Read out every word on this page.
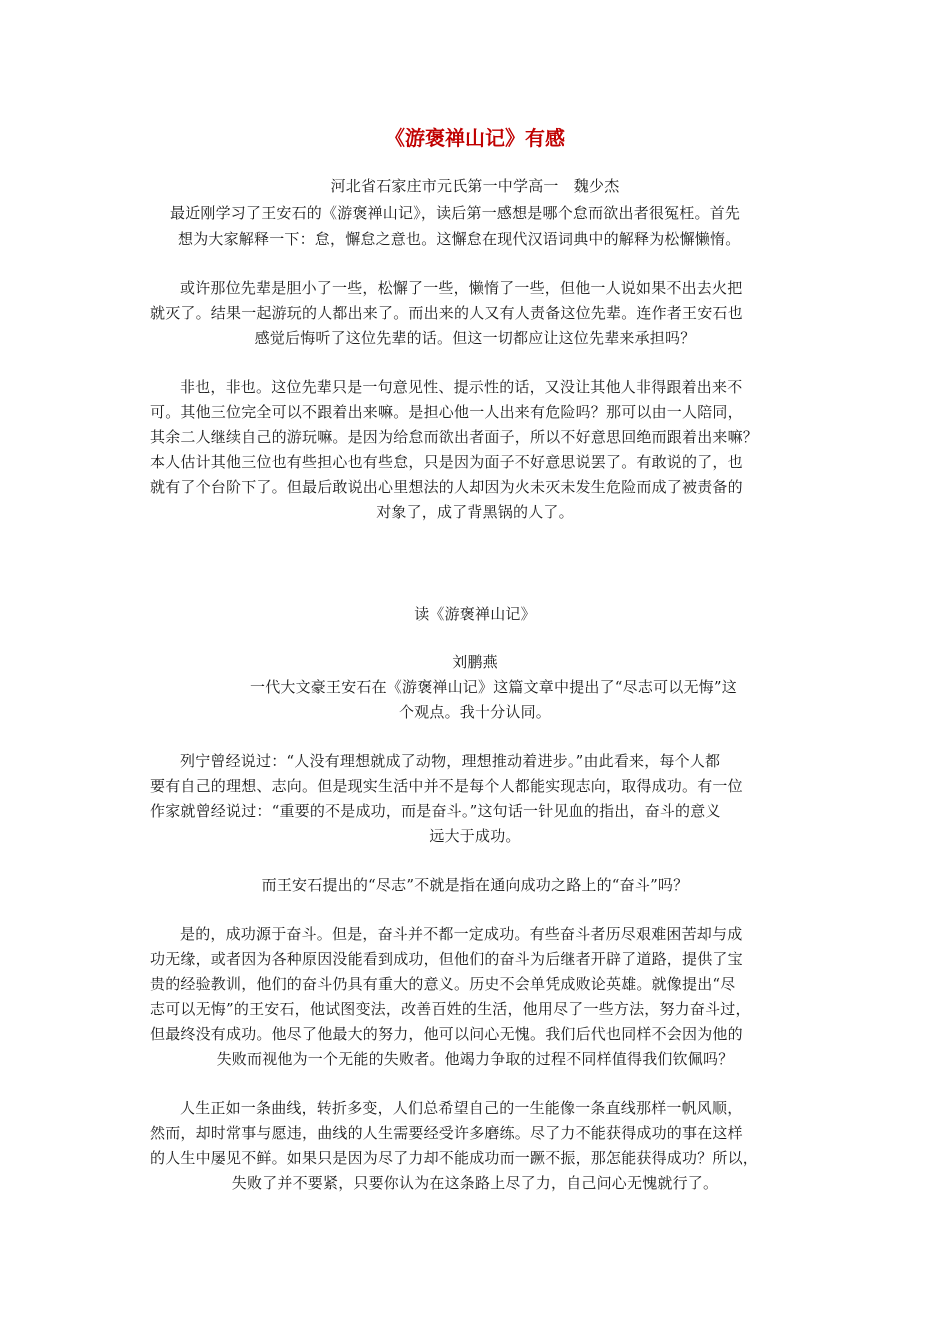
《游褒禅山记》有感
河北省石家庄市元氏第一中学高一　魏少杰
最近刚学习了王安石的《游褒禅山记》，读后第一感想是哪个怠而欲出者很冤枉。首先
想为大家解释一下：怠，懈怠之意也。这懈怠在现代汉语词典中的解释为松懈懒惰。
或许那位先辈是胆小了一些，松懈了一些，懒惰了一些，但他一人说如果不出去火把
就灭了。结果一起游玩的人都出来了。而出来的人又有人责备这位先辈。连作者王安石也
感觉后悔听了这位先辈的话。但这一切都应让这位先辈来承担吗？
非也，非也。这位先辈只是一句意见性、提示性的话，又没让其他人非得跟着出来不
可。其他三位完全可以不跟着出来嘛。是担心他一人出来有危险吗？那可以由一人陪同，
其余二人继续自己的游玩嘛。是因为给怠而欲出者面子，所以不好意思回绝而跟着出来嘛？
本人估计其他三位也有些担心也有些怠，只是因为面子不好意思说罢了。有敢说的了，也
就有了个台阶下了。但最后敢说出心里想法的人却因为火未灭未发生危险而成了被责备的
对象了，成了背黑锅的人了。
读《游褒禅山记》
刘鹏燕
一代大文豪王安石在《游褒禅山记》这篇文章中提出了“尽志可以无悔”这
个观点。我十分认同。
列宁曾经说过：“人没有理想就成了动物，理想推动着进步。”由此看来，每个人都
要有自己的理想、志向。但是现实生活中并不是每个人都能实现志向，取得成功。有一位
作家就曾经说过：“重要的不是成功，而是奋斗。”这句话一针见血的指出，奋斗的意义
远大于成功。
而王安石提出的“尽志”不就是指在通向成功之路上的“奋斗”吗？
是的，成功源于奋斗。但是，奋斗并不都一定成功。有些奋斗者历尽艰难困苦却与成
功无缘，或者因为各种原因没能看到成功，但他们的奋斗为后继者开辟了道路，提供了宝
贵的经验教训，他们的奋斗仍具有重大的意义。历史不会单凭成败论英雄。就像提出“尽
志可以无悔”的王安石，他试图变法，改善百姓的生活，他用尽了一些方法，努力奋斗过，
但最终没有成功。他尽了他最大的努力，他可以问心无愧。我们后代也同样不会因为他的
失败而视他为一个无能的失败者。他竭力争取的过程不同样值得我们钦佩吗？
人生正如一条曲线，转折多变，人们总希望自己的一生能像一条直线那样一帆风顺，
然而，却时常事与愿违，曲线的人生需要经受许多磨练。尽了力不能获得成功的事在这样
的人生中屡见不鲜。如果只是因为尽了力却不能成功而一蹶不振，那怎能获得成功？所以，
失败了并不要紧，只要你认为在这条路上尽了力，自己问心无愧就行了。
